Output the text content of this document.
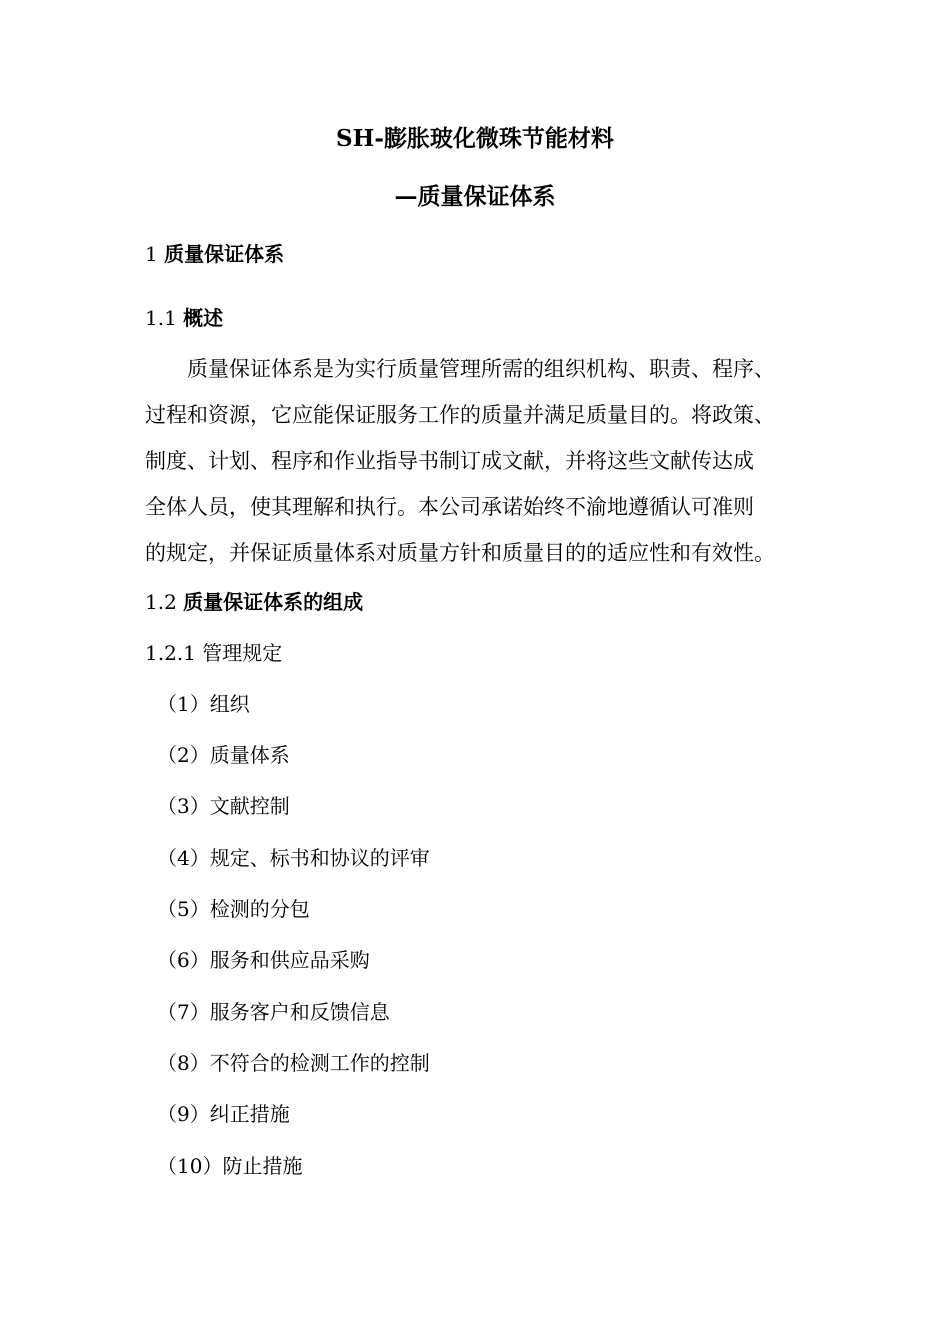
SH-膨胀玻化微珠节能材料
—质量保证体系
1 质量保证体系
1.1 概述
　　质量保证体系是为实行质量管理所需的组织机构、职责、程序、
过程和资源，它应能保证服务工作的质量并满足质量目的。将政策、
制度、计划、程序和作业指导书制订成文献，并将这些文献传达成
全体人员，使其理解和执行。本公司承诺始终不渝地遵循认可准则
的规定，并保证质量体系对质量方针和质量目的的适应性和有效性。
1.2 质量保证体系的组成
1.2.1 管理规定
（1）组织
（2）质量体系
（3）文献控制
（4）规定、标书和协议的评审
（5）检测的分包
（6）服务和供应品采购
（7）服务客户和反馈信息
（8）不符合的检测工作的控制
（9）纠正措施
（10）防止措施
